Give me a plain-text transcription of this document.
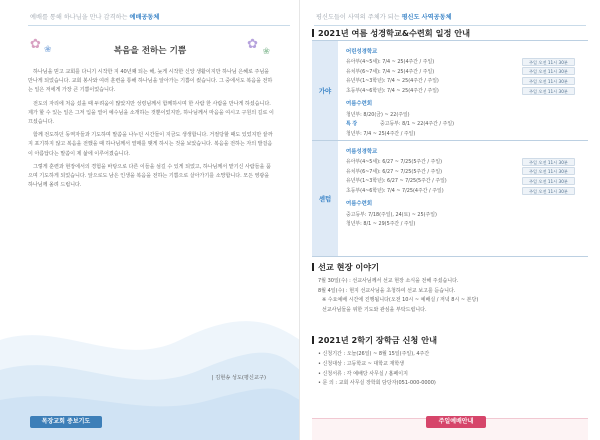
예배를 통해 하나님을 만나 감격하는 예배공동체
✿ ❀	✿ ❀
복음을 전하는 기쁨

하나님을 믿고 교회를 다니기 시작한 지 40년째 되는 해, 늦게 시작한 신앙 생활이지만 하나님 은혜로 주님을 만나게 되었습니다. 교회 봉사와 여러 훈련을 통해 하나님을 알아가는 기쁨이 컸습니다. 그 중에서도 복음을 전하는 일은 저에게 가장 큰 기쁨이었습니다.

전도의 자리에 처음 섰을 때 두려움이 많았지만 성령님께서 함께하시며 한 사람 한 사람을 만나게 하셨습니다. 제가 할 수 있는 일은 그저 입을 열어 예수님을 소개하는 것뿐이었지만, 하나님께서 마음을 여시고 구원의 길로 이끄셨습니다.

함께 전도하던 동역자들과 기도하며 말씀을 나누던 시간들이 지금도 생생합니다. 거절당할 때도 있었지만 끝까지 포기하지 않고 복음을 전했을 때 하나님께서 열매를 맺게 하시는 것을 보았습니다. 복음을 전하는 자의 발걸음이 아름답다는 말씀이 제 삶에 이루어졌습니다.

그렇게 훈련과 현장에서의 경험을 바탕으로 다른 이들을 섬길 수 있게 되었고, 하나님께서 맡기신 사람들을 품으며 기도하게 되었습니다. 앞으로도 남은 인생을 복음을 전하는 기쁨으로 살아가기를 소망합니다. 모든 영광을 하나님께 올려 드립니다.

| 김현송 성도(평신교구)
목장교회 중보기도
평신도들이 사역의 주체가 되는 평신도 사역공동체
2021년 여름 성경학교&수련회 일정 안내
가야
어린성경학교
유아부(4~5세): 7/4 ~ 25(4주간 / 주일)	주일 오전 11시 30분
유치부(6~7세): 7/4 ~ 25(4주간 / 주일)	주일 오전 11시 30분
유년부(1~3학년): 7/4 ~ 25(4주간 / 주일)	주일 오전 11시 30분
초등부(4~6학년): 7/4 ~ 25(4주간 / 주일)	주일 오전 11시 30분
여름수련회
청년부: 8/20(금) ~ 22(주일)
특 강	중고등부: 8/1 ~ 22(4주간 / 주일)
청년부: 7/4 ~ 25(4주간 / 주일)
센텀
여름성경학교
유아부(4~5세): 6/27 ~ 7/25(5주간 / 주일)	주일 오전 11시 30분
유치부(6~7세): 6/27 ~ 7/25(5주간 / 주일)	주일 오전 11시 30분
유년부(1~3학년): 6/27 ~ 7/25(5주간 / 주일)	주일 오전 11시 30분
초등부(4~6학년): 7/4 ~ 7/25(4주간 / 주일)	주일 오전 11시 30분
여름수련회
중고등부: 7/18(주일), 24(토) ~ 25(주일)
청년부: 8/1 ~ 29(5주간 / 주일)
선교 현장 이야기
7월 30일(수) : 선교사님께서 선교 현장 소식을 전해 주셨습니다.
8월 4일(수) : 현지 선교사님을 초청하여 선교 보고를 듣습니다.
※ 수요예배 시간에 진행됩니다(오전 10시 ~ 예배실 / 저녁 8시 ~ 본당)
선교사님들을 위한 기도와 관심을 부탁드립니다.
2021년 2학기 장학금 신청 안내
• 신청기간 : 오늘(26일) ~ 8월 15일(주일), 4주간
• 신청대상 : 고등학교 ~ 대학교 재학생
• 신청서류 : 각 예배당 사무실 / 홈페이지
• 문 의 : 교회 사무실 장학회 담당자(051-000-0000)
주일예배안내
